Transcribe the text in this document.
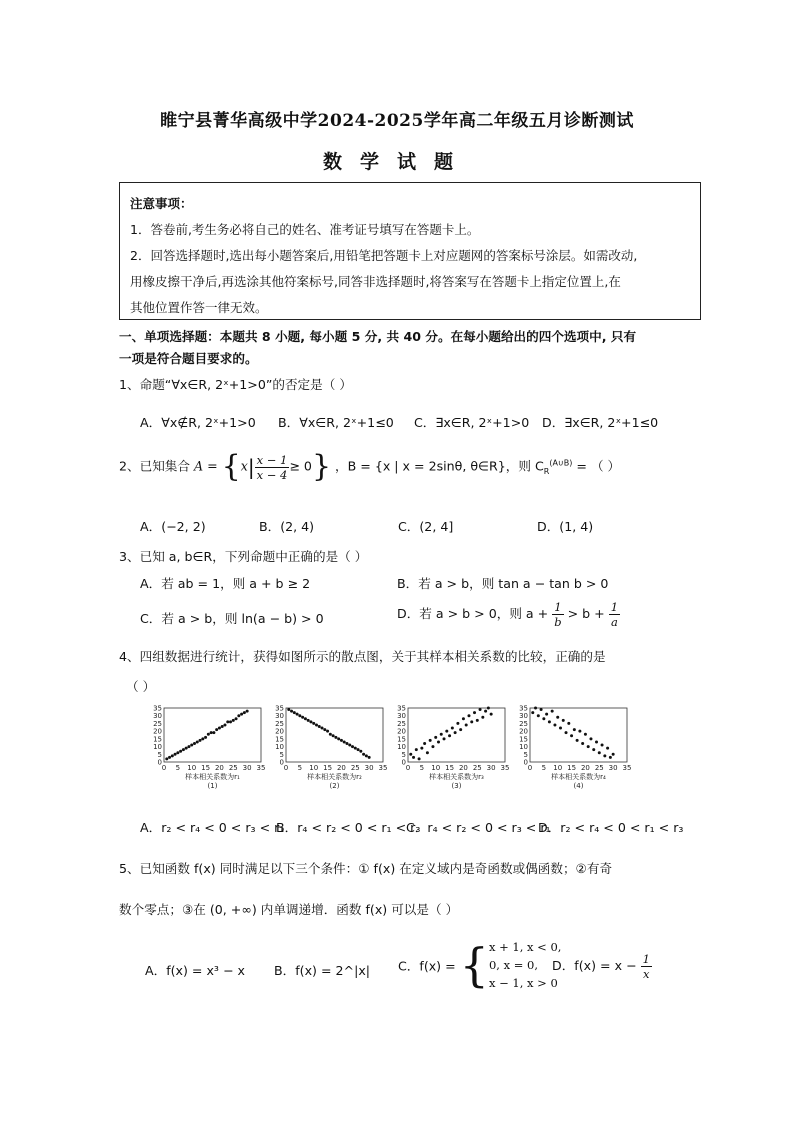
睢宁县菁华高级中学2024-2025学年高二年级五月诊断测试
数学试题
注意事项：
1．答卷前,考生务必将自己的姓名、准考证号填写在答题卡上。
2．回答选择题时,选出每小题答案后,用铅笔把答题卡上对应题网的答案标号涂层。如需改动,
用橡皮擦干净后,再选涂其他符案标号,同答非选择题时,将答案写在答题卡上指定位置上,在
其他位置作答一律无效。
一、单项选择题：本题共 8 小题, 每小题 5 分, 共 40 分。在每小题给出的四个选项中, 只有
一项是符合题目要求的。
1、命题“∀x∈R, 2ˣ+1>0”的否定是（ ）
A．∀x∉R, 2ˣ+1>0 B．∀x∈R, 2ˣ+1≤0 C．∃x∈R, 2ˣ+1>0 D．∃x∈R, 2ˣ+1≤0
2、已知集合 $A = \{x| \frac{x - 1}{x - 4} \ge 0\}$ ，B = {x | x = 2sinθ, θ∈R}，则 $C_R^{(A\cup B)}$ = （ ）
A．(−2, 2)	B．(2, 4)	C．(2, 4]	D．(1, 4)
3、已知 a, b∈R，下列命题中正确的是（ ）
A．若 ab = 1，则 a + b ≥ 2	B．若 a > b，则 tan a − tan b > 0
C．若 a > b，则 ln(a − b) > 0	D．若 a > b > 0，则 $a + \frac{1}{b} > b + \frac{1}{a}$
4、四组数据进行统计，获得如图所示的散点图，关于其样本相关系数的比较，正确的是
（ ）
0
5
10
15
20
25
30
35
0 5 10 15 20 25 30 35
样本相关系数为r₁
(1)
0
5
10
15
20
25
30
35
0 5 10 15 20 25 30 35
样本相关系数为r₂
(2)
0
5
10
15
20
25
30
35
0 5 10 15 20 25 30 35
样本相关系数为r₃
(3)
0
5
10
15
20
25
30
35
0 5 10 15 20 25 30 35
样本相关系数为r₄
(4)
A．r₂ < r₄ < 0 < r₃ < r₁
B．r₄ < r₂ < 0 < r₁ < r₃
C．r₄ < r₂ < 0 < r₃ < r₁
D．r₂ < r₄ < 0 < r₁ < r₃
5、已知函数 f(x) 同时满足以下三个条件：① f(x) 在定义域内是奇函数或偶函数；②有奇
数个零点；③在 (0, +∞) 内单调递增．函数 f(x) 可以是（ ）
A．f(x) = x³ − x B．f(x) = 2^|x| C．f(x) = { x + 1, x < 0,
0, x = 0,
x − 1, x > 0
D．$f(x) = x - \frac{1}{x}$
